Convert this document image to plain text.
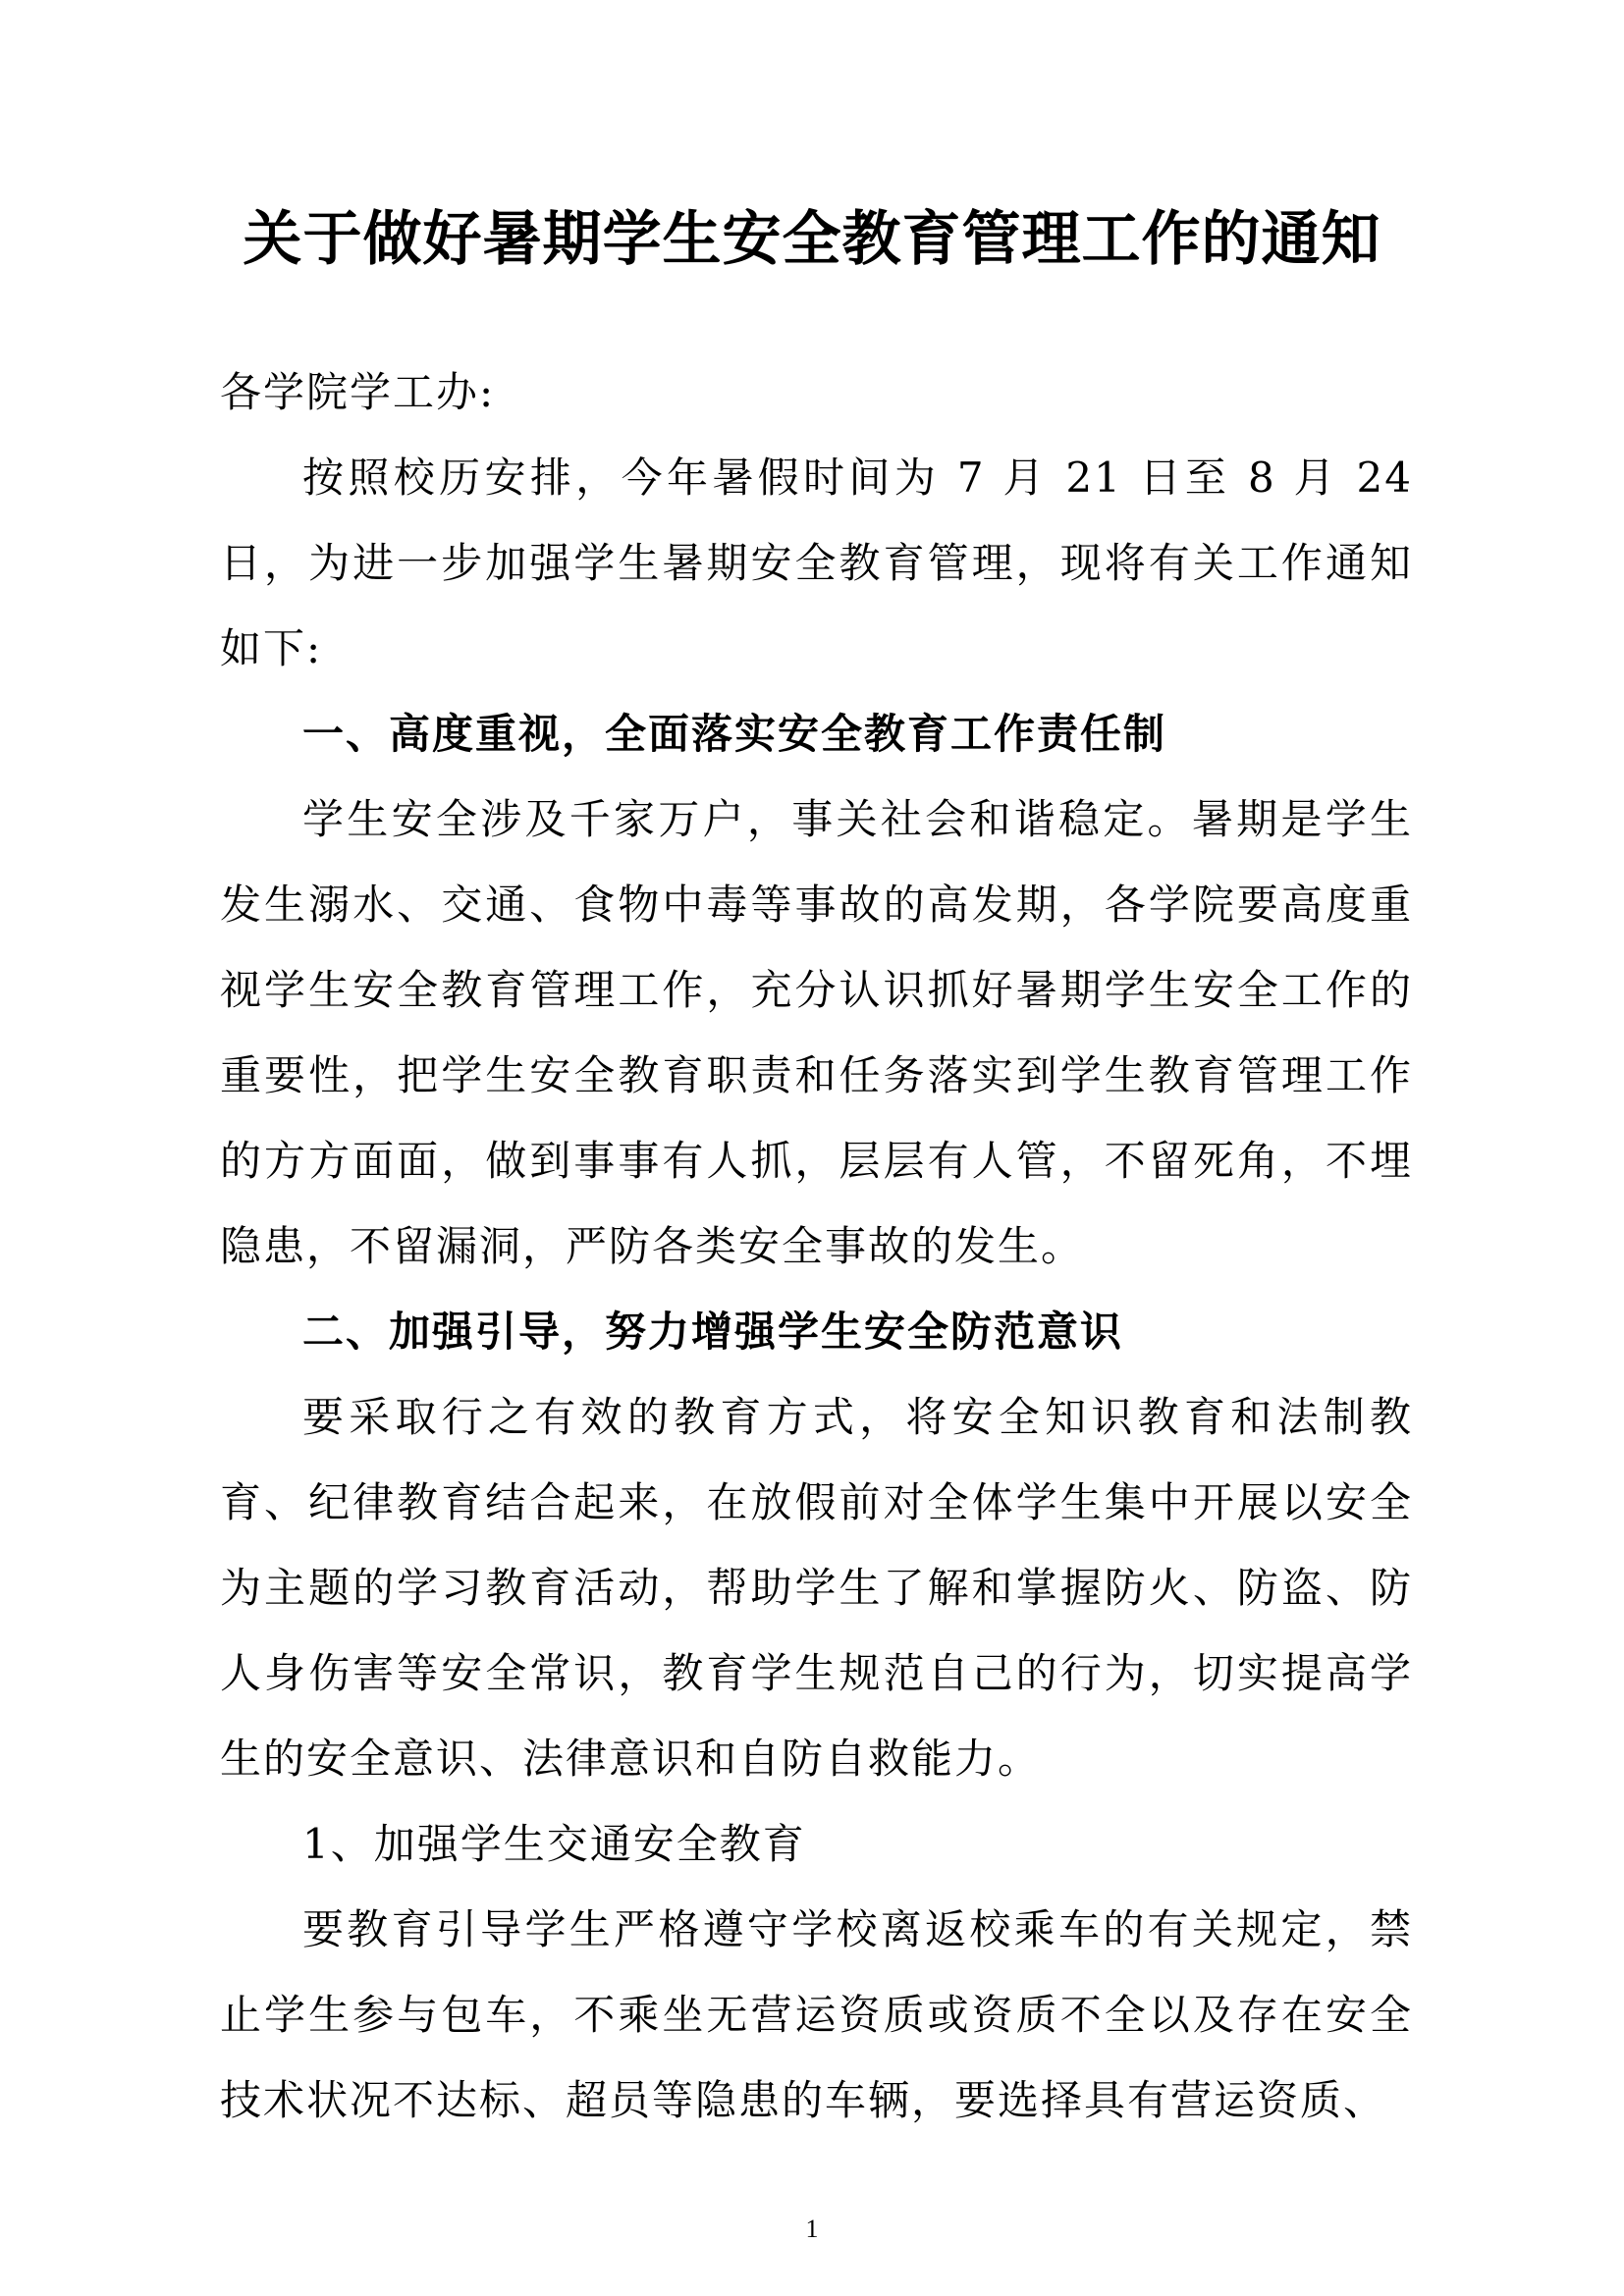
关于做好暑期学生安全教育管理工作的通知

各学院学工办:

按照校历安排，今年暑假时间为 7 月 21 日至 8 月 24 日，为进一步加强学生暑期安全教育管理，现将有关工作通知如下:

一、高度重视，全面落实安全教育工作责任制

学生安全涉及千家万户，事关社会和谐稳定。暑期是学生发生溺水、交通、食物中毒等事故的高发期，各学院要高度重视学生安全教育管理工作，充分认识抓好暑期学生安全工作的重要性，把学生安全教育职责和任务落实到学生教育管理工作的方方面面，做到事事有人抓，层层有人管，不留死角，不埋隐患，不留漏洞，严防各类安全事故的发生。

二、加强引导，努力增强学生安全防范意识

要采取行之有效的教育方式，将安全知识教育和法制教育、纪律教育结合起来，在放假前对全体学生集中开展以安全为主题的学习教育活动，帮助学生了解和掌握防火、防盗、防人身伤害等安全常识，教育学生规范自己的行为，切实提高学生的安全意识、法律意识和自防自救能力。

1、加强学生交通安全教育

要教育引导学生严格遵守学校离返校乘车的有关规定，禁止学生参与包车，不乘坐无营运资质或资质不全以及存在安全技术状况不达标、超员等隐患的车辆，要选择具有营运资质、

1
